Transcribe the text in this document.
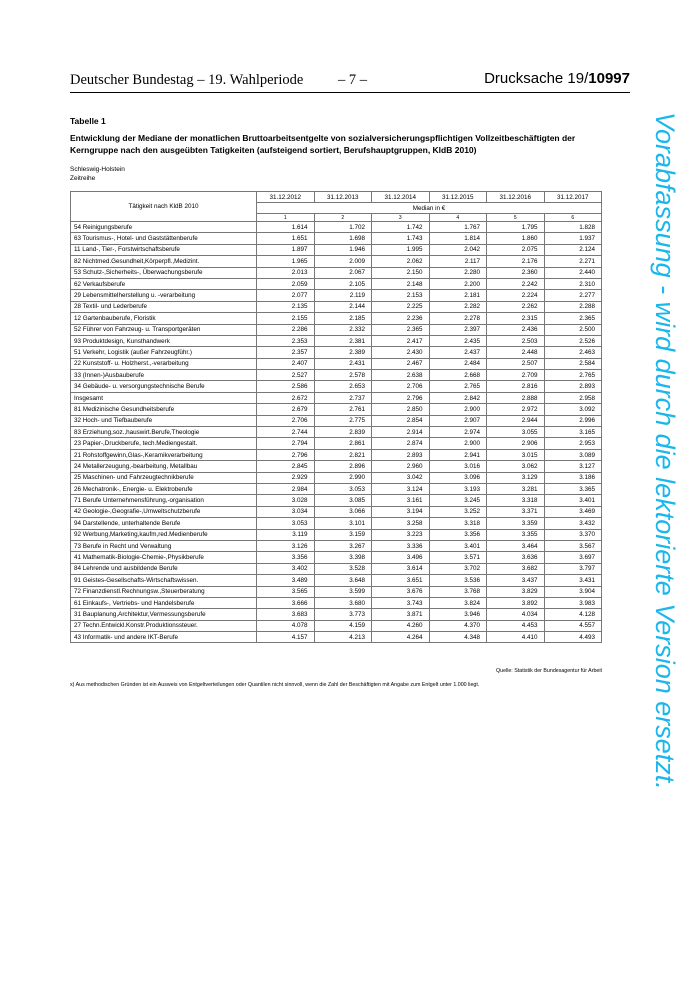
Deutscher Bundestag – 19. Wahlperiode – 7 –	Drucksache 19/10997
Tabelle 1
Entwicklung der Mediane der monatlichen Bruttoarbeitsentgelte von sozialversicherungspflichtigen Vollzeitbeschäftigten der Kerngruppe nach den ausgeübten Tatigkeiten (aufsteigend sortiert, Berufshauptgruppen, KldB 2010)
Schleswig-Holstein
Zeitreihe
Tätigkeit nach KldB 2010	31.12.2012	31.12.2013	31.12.2014	31.12.2015	31.12.2016	31.12.2017
	Median in €					
	1	2	3	4	5	6
54 Reinigungsberufe	1.614	1.702	1.742	1.767	1.795	1.828
63 Tourismus-, Hotel- und Gaststättenberufe	1.651	1.698	1.743	1.814	1.860	1.937
11 Land-, Tier-, Forstwirtschaftsberufe	1.897	1.946	1.995	2.042	2.075	2.124
82 Nichtmed.Gesundheit,Körperpfl.,Medizint.	1.965	2.009	2.062	2.117	2.176	2.271
53 Schutz-,Sicherheits-, Überwachungsberufe	2.013	2.067	2.150	2.280	2.360	2.440
62 Verkaufsberufe	2.059	2.105	2.148	2.200	2.242	2.310
29 Lebensmittelherstellung u. -verarbeitung	2.077	2.119	2.153	2.181	2.224	2.277
28 Textil- und Lederberufe	2.135	2.144	2.225	2.282	2.262	2.288
12 Gartenbauberufe, Floristik	2.155	2.185	2.236	2.278	2.315	2.365
52 Führer von Fahrzeug- u. Transportgeräten	2.286	2.332	2.365	2.397	2.436	2.500
93 Produktdesign, Kunsthandwerk	2.353	2.381	2.417	2.435	2.503	2.526
51 Verkehr, Logistik (außer Fahrzeugführ.)	2.357	2.389	2.430	2.437	2.448	2.463
22 Kunststoff- u. Holzherst.,-verarbeitung	2.407	2.431	2.467	2.484	2.507	2.584
33 (Innen-)Ausbauberufe	2.527	2.578	2.638	2.668	2.709	2.765
34 Gebäude- u. versorgungstechnische Berufe	2.586	2.653	2.706	2.765	2.816	2.893
Insgesamt	2.672	2.737	2.796	2.842	2.888	2.958
81 Medizinische Gesundheitsberufe	2.679	2.761	2.850	2.900	2.972	3.092
32 Hoch- und Tiefbauberufe	2.706	2.775	2.854	2.907	2.944	2.996
83 Erziehung,soz.,hauswirt.Berufe,Theologie	2.744	2.839	2.914	2.974	3.055	3.165
23 Papier-,Druckberufe, tech.Mediengestalt.	2.794	2.861	2.874	2.900	2.906	2.953
21 Rohstoffgewinn,Glas-,Keramikverarbeitung	2.796	2.821	2.893	2.941	3.015	3.089
24 Metallerzeugung,-bearbeitung, Metallbau	2.845	2.896	2.960	3.016	3.062	3.127
25 Maschinen- und Fahrzeugtechnikberufe	2.929	2.990	3.042	3.096	3.129	3.186
26 Mechatronik-, Energie- u. Elektroberufe	2.984	3.053	3.124	3.193	3.281	3.365
71 Berufe Unternehmensführung,-organisation	3.028	3.085	3.161	3.245	3.318	3.401
42 Geologie-,Geografie-,Umweltschutzberufe	3.034	3.066	3.194	3.252	3.371	3.469
94 Darstellende, unterhaltende Berufe	3.053	3.101	3.258	3.318	3.359	3.432
92 Werbung,Marketing,kaufm,red.Medienberufe	3.119	3.159	3.223	3.356	3.355	3.370
73 Berufe in Recht und Verwaltung	3.126	3.267	3.336	3.401	3.464	3.567
41 Mathematik-Biologie-Chemie-,Physikberufe	3.356	3.398	3.496	3.571	3.636	3.697
84 Lehrende und ausbildende Berufe	3.402	3.528	3.614	3.702	3.682	3.797
91 Geistes-Gesellschafts-Wirtschaftswissen.	3.489	3.648	3.651	3.536	3.437	3.431
72 Finanzdienstl.Rechnungsw.,Steuerberatung	3.565	3.599	3.676	3.768	3.829	3.904
61 Einkaufs-, Vertriebs- und Handelsberufe	3.666	3.680	3.743	3.824	3.892	3.983
31 Bauplanung,Architektur,Vermessungsberufe	3.683	3.773	3.871	3.946	4.034	4.128
27 Techn.Entwickl.Konstr.Produktionssteuer.	4.078	4.159	4.260	4.370	4.453	4.557
43 Informatik- und andere IKT-Berufe	4.157	4.213	4.264	4.348	4.410	4.493
Quelle: Statistik der Bundesagentur für Arbeit
x) Aus methodischen Gründen ist ein Ausweis von Entgeltverteilungen oder Quantilen nicht sinnvoll, wenn die Zahl der Beschäftigten mit Angabe zum Entgelt unter 1.000 liegt.	Vorabfassung - wird durch die lektorierte Version ersetzt.
